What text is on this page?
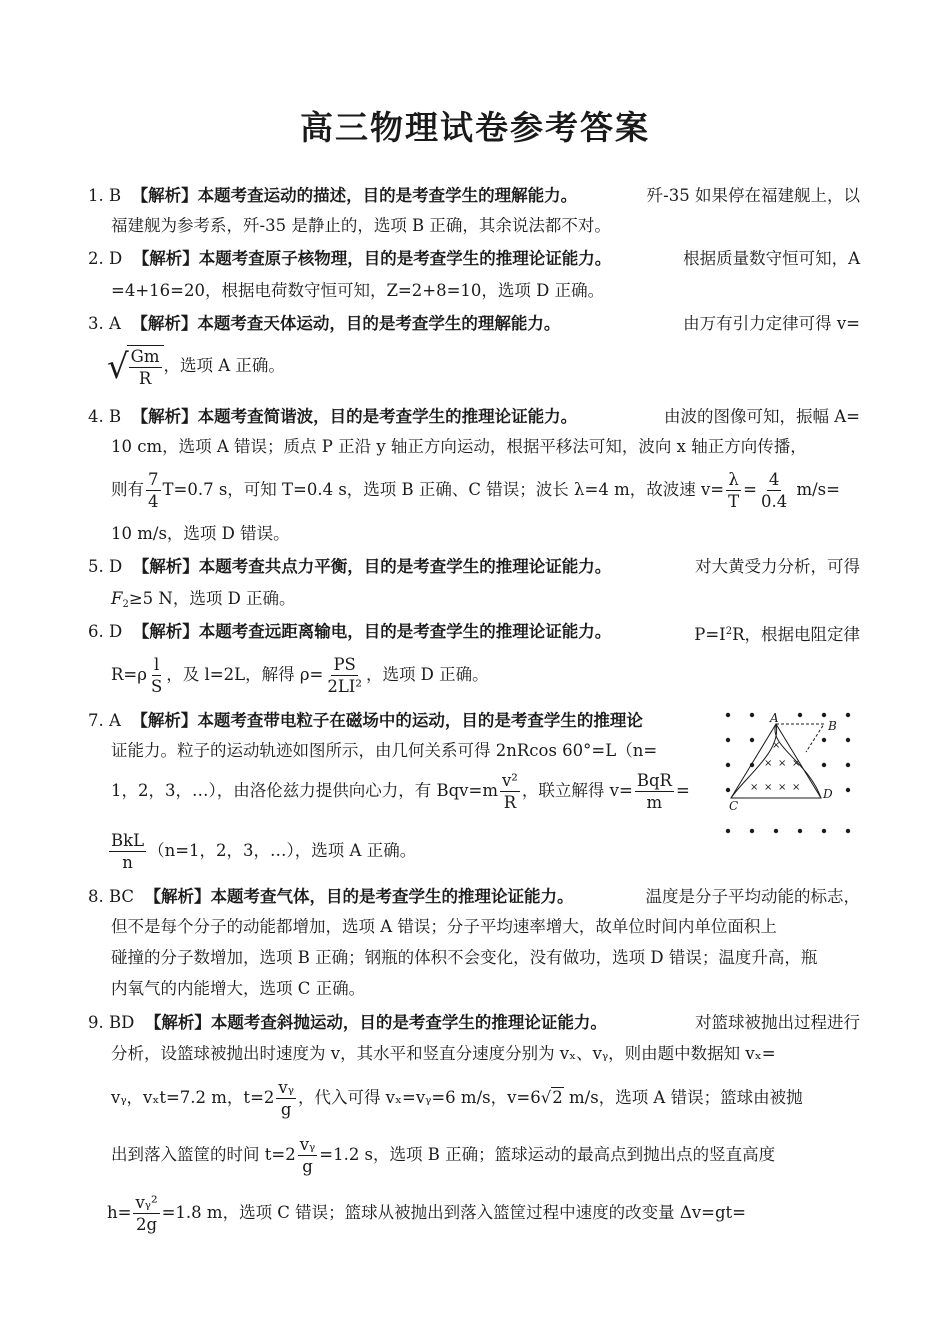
高三物理试卷参考答案
1. B 【解析】本题考查运动的描述，目的是考查学生的理解能力。	歼-35 如果停在福建舰上，以
福建舰为参考系，歼-35 是静止的，选项 B 正确，其余说法都不对。
2. D 【解析】本题考查原子核物理，目的是考查学生的推理论证能力。	根据质量数守恒可知，A
=4+16=20，根据电荷数守恒可知，Z=2+8=10，选项 D 正确。
3. A 【解析】本题考查天体运动，目的是考查学生的理解能力。	由万有引力定律可得 v=
√ $\frac{Gm}{R}$ ，选项 A 正确。
4. B 【解析】本题考查简谐波，目的是考查学生的推理论证能力。	由波的图像可知，振幅 A=
10 cm，选项 A 错误；质点 P 正沿 y 轴正方向运动，根据平移法可知，波向 x 轴正方向传播，
则有 $\frac{7}{4} T=0.7$ s，可知 T=0.4 s，选项 B 正确、C 错误；波长 λ=4 m，故波速 $v= \frac{\lambda}{T} = \frac{4}{0.4} m/s=$
10 m/s，选项 D 错误。
5. D 【解析】本题考查共点力平衡，目的是考查学生的推理论证能力。	对大黄受力分析，可得
$F_2\ge 5$ N，选项 D 正确。
6. D 【解析】本题考查远距离输电，目的是考查学生的推理论证能力。	$P=I^2R$，根据电阻定律
$R=\rho \frac{l}{S}$ ，及 l=2L，解得 $\rho= \frac{PS}{\text{2LI²}}$ ，选项 D 正确。
7. A 【解析】本题考查带电粒子在磁场中的运动，目的是考查学生的推理论
证能力。粒子的运动轨迹如图所示，由几何关系可得 2nRcos 60°=L（n=
1，2，3，…），由洛伦兹力提供向心力，有 $Bqv=m \frac{\text{v²}}{R}$ ，联立解得 $v= \frac{\text{BqR}}{m}$ =
$\frac{\text{BkL}}{n} (n=1$，2，3，…），选项 A 正确。
×
× × ×
× × × ×
A
B
C
D
8. BC 【解析】本题考查气体，目的是考查学生的推理论证能力。	温度是分子平均动能的标志，
但不是每个分子的动能都增加，选项 A 错误；分子平均速率增大，故单位时间内单位面积上
碰撞的分子数增加，选项 B 正确；钢瓶的体积不会变化，没有做功，选项 D 错误；温度升高，瓶
内氧气的内能增大，选项 C 正确。
9. BD 【解析】本题考查斜抛运动，目的是考查学生的推理论证能力。	对篮球被抛出过程进行
分析，设篮球被抛出时速度为 v，其水平和竖直分速度分别为 vₓ、vᵧ，则由题中数据知 vₓ=
vᵧ，vₓt=7.2 m，$t=2 \frac{\text{vᵧ}}{g}$ ，代入可得 vₓ=vᵧ=6 m/s，v=6√2 m/s，选项 A 错误；篮球由被抛
出到落入篮筐的时间 $t=2 \frac{\text{vᵧ}}{g} =1.2$ s，选项 B 正确；篮球运动的最高点到抛出点的竖直高度
$h= \frac{\text{vᵧ²}}{2g} =1.8$ m，选项 C 错误；篮球从被抛出到落入篮筐过程中速度的改变量 Δv=gt=
